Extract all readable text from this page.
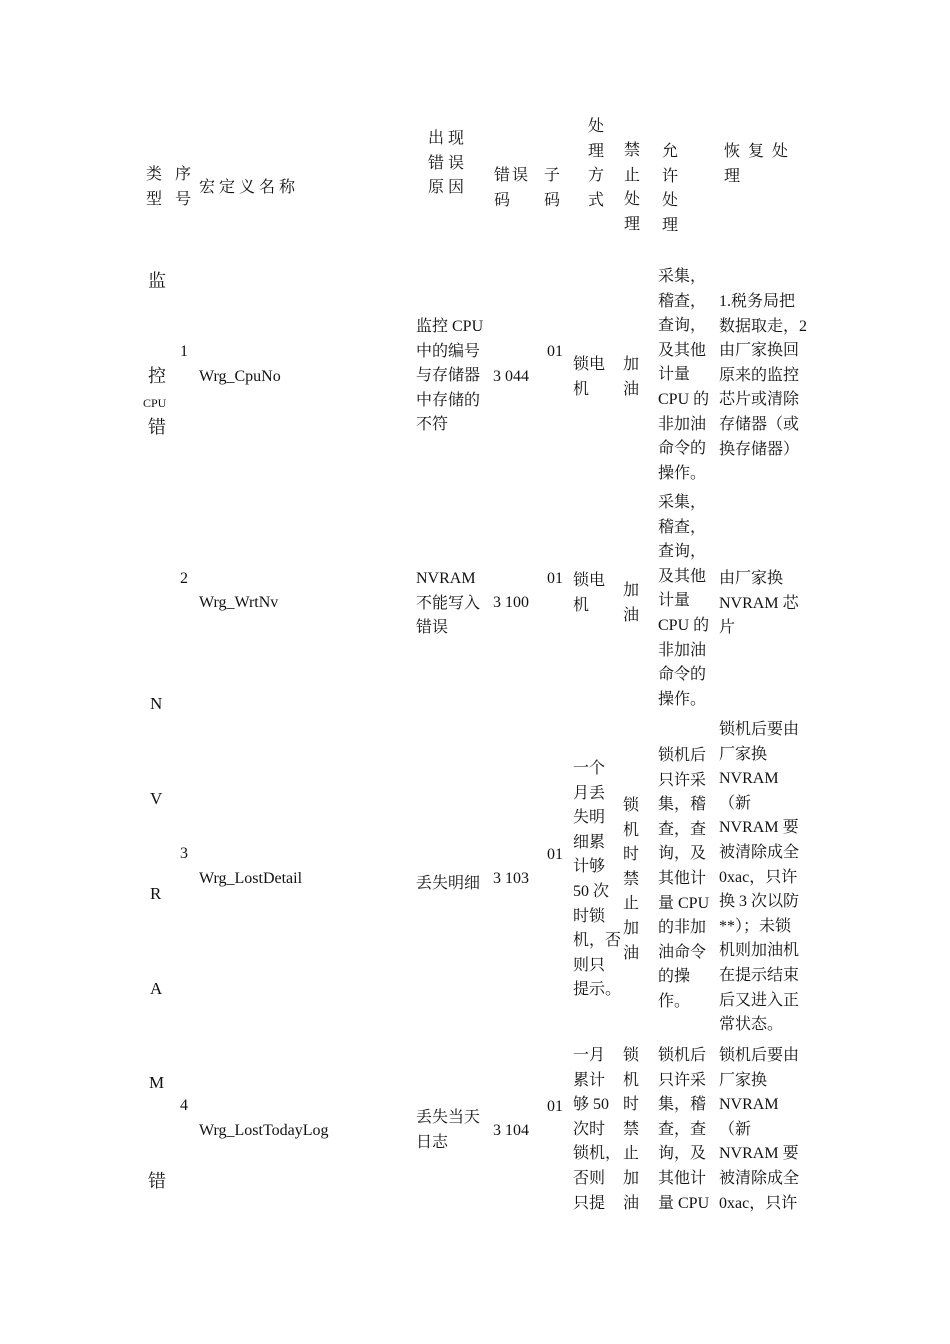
类型
序号
宏 定 义 名 称
出现错误原因
错误码
子码
处理方式
禁止处理
允 许 处 理
恢 复 处 理
监
控
CPU
错
N
V
R
A
M
错
1
Wrg_CpuNo
监控 CPU
中的编号
与存储器
中存储的
不符
3 044
01
锁电
机
加
油
采集，
稽查，
查询，
及其他
计量
CPU 的
非加油
命令的
操作。
1.税务局把
数据取走，2
由厂家换回
原来的监控
芯片或清除
存储器（或
换存储器）
2
Wrg_WrtNv
NVRAM
不能写入
错误
3 100
01 锁电
机
加
油
采集，
稽查，
查询，
及其他
计量
CPU 的
非加油
命令的
操作。
由厂家换
NVRAM 芯
片
3
Wrg_LostDetail	丢失明细 3 103
01
一个
月丢
失明
细累
计够
50 次
时锁
机，否
则只
提示。
锁
机
时
禁
止
加
油
锁机后
只许采
集，稽
查，查
询，及
其他计
量 CPU
的非加
油命令
的操
作。
锁机后要由
厂家换
NVRAM
（新
NVRAM 要
被清除成全
0xac，只许
换 3 次以防
**）；未锁
机则加油机
在提示结束
后又进入正
常状态。
4
Wrg_LostTodayLog
丢失当天
日志
3 104
01
一月
累计
够 50
次时
锁机，
否则
只提
锁
机
时
禁
止
加
油
锁机后
只许采
集，稽
查，查
询，及
其他计
量 CPU
锁机后要由
厂家换
NVRAM
（新
NVRAM 要
被清除成全
0xac，只许
